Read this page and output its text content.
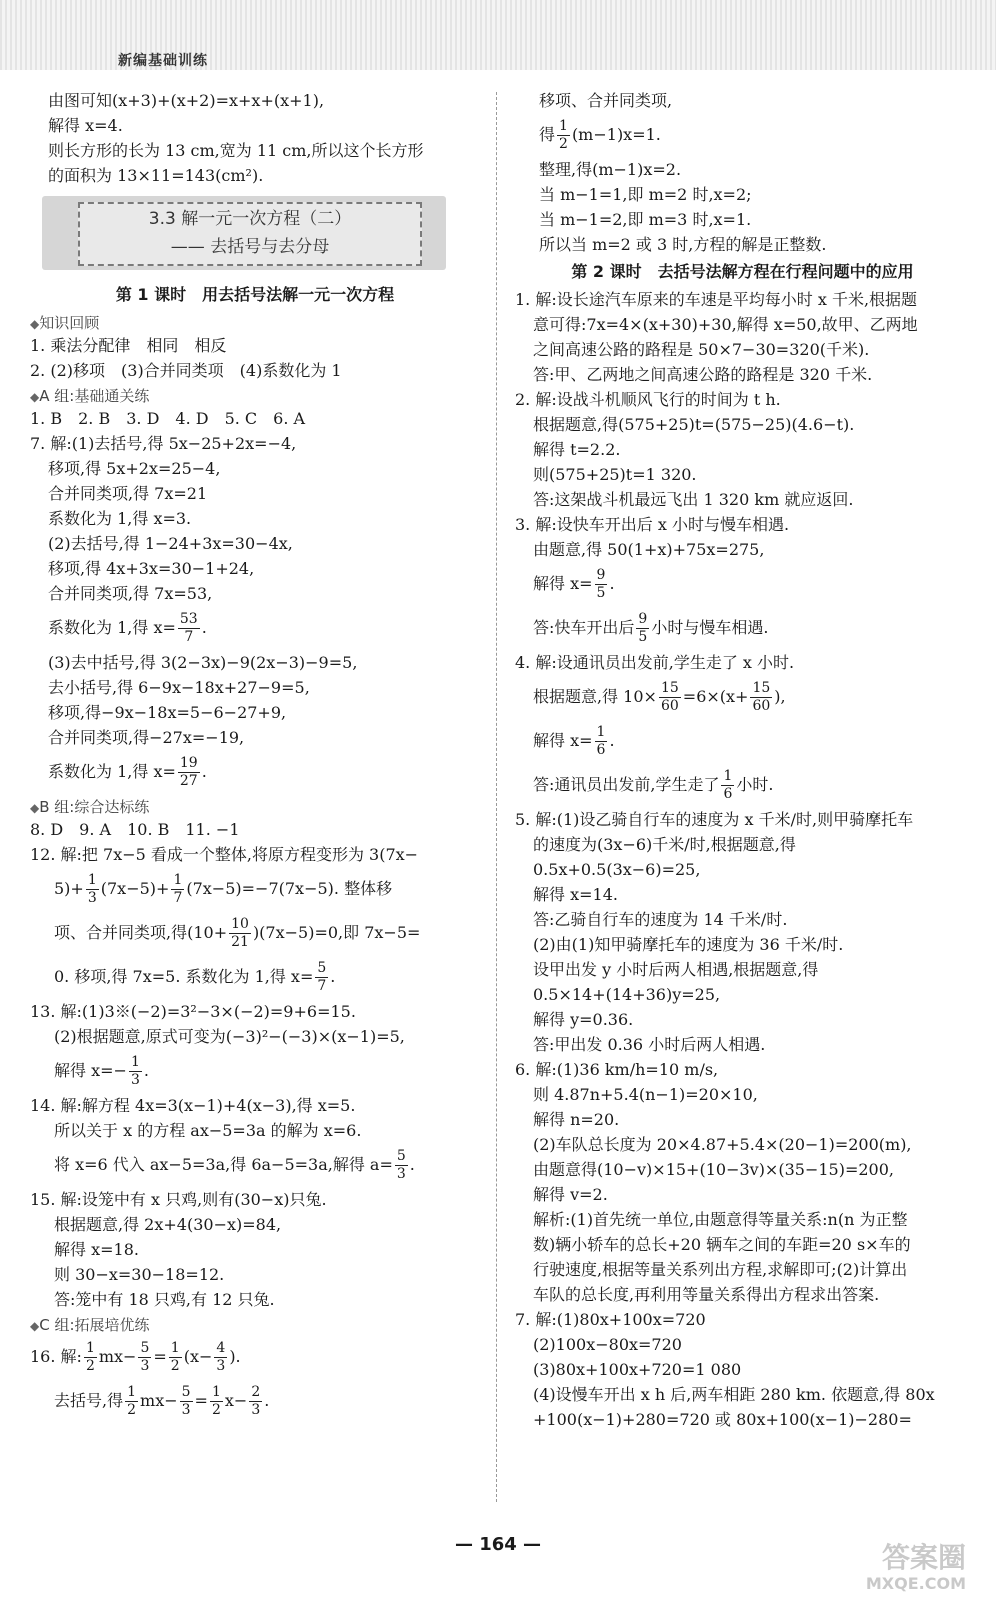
新编基础训练
由图可知(x+3)+(x+2)=x+x+(x+1),
解得 x=4.
则长方形的长为 13 cm,宽为 11 cm,所以这个长方形
的面积为 13×11=143(cm²).
3.3 解一元一次方程（二）
—— 去括号与去分母
第 1 课时　用去括号法解一元一次方程
◆知识回顾
1. 乘法分配律　相同　相反
2. (2)移项　(3)合并同类项　(4)系数化为 1
◆A 组:基础通关练
1. B　2. B　3. D　4. D　5. C　6. A
7. 解:(1)去括号,得 5x−25+2x=−4,
移项,得 5x+2x=25−4,
合并同类项,得 7x=21
系数化为 1,得 x=3.
(2)去括号,得 1−24+3x=30−4x,
移项,得 4x+3x=30−1+24,
合并同类项,得 7x=53,
系数化为 1,得 $x= \frac{53}{7}$ .
(3)去中括号,得 3(2−3x)−9(2x−3)−9=5,
去小括号,得 6−9x−18x+27−9=5,
移项,得−9x−18x=5−6−27+9,
合并同类项,得−27x=−19,
系数化为 1,得 $x= \frac{19}{27}$ .
◆B 组:综合达标练
8. D　9. A　10. B　11. −1
12. 解:把 7x−5 看成一个整体,将原方程变形为 3(7x−
$5)+ \frac{1}{3} (7x-5)+ \frac{1}{7} (7x-5)=-7(7x-5)$. 整体移
项、合并同类项,得$(10+ \frac{10}{21} )(7x-5)=0$,即 7x−5=
0. 移项,得 7x=5. 系数化为 1,得 $x= \frac{5}{7}$ .
13. 解:(1)3※(−2)=3²−3×(−2)=9+6=15.
(2)根据题意,原式可变为(−3)²−(−3)×(x−1)=5,
解得 $x=- \frac{1}{3}$ .
14. 解:解方程 4x=3(x−1)+4(x−3),得 x=5.
所以关于 x 的方程 ax−5=3a 的解为 x=6.
将 x=6 代入 ax−5=3a,得 6a−5=3a,解得 $a= \frac{5}{3}$ .
15. 解:设笼中有 x 只鸡,则有(30−x)只兔.
根据题意,得 2x+4(30−x)=84,
解得 x=18.
则 30−x=30−18=12.
答:笼中有 18 只鸡,有 12 只兔.
◆C 组:拓展培优练
16. 解: $\frac{1}{2} mx- \frac{5}{3} = \frac{1}{2} (x- \frac{4}{3}$ ).
去括号,得 $\frac{1}{2} mx- \frac{5}{3} = \frac{1}{2} x- \frac{2}{3}$ .
移项、合并同类项,
得 $\frac{1}{2} (m-1)x=1$.
整理,得(m−1)x=2.
当 m−1=1,即 m=2 时,x=2;
当 m−1=2,即 m=3 时,x=1.
所以当 m=2 或 3 时,方程的解是正整数.
第 2 课时　去括号法解方程在行程问题中的应用
1. 解:设长途汽车原来的车速是平均每小时 x 千米,根据题
意可得:7x=4×(x+30)+30,解得 x=50,故甲、乙两地
之间高速公路的路程是 50×7−30=320(千米).
答:甲、乙两地之间高速公路的路程是 320 千米.
2. 解:设战斗机顺风飞行的时间为 t h.
根据题意,得(575+25)t=(575−25)(4.6−t).
解得 t=2.2.
则(575+25)t=1 320.
答:这架战斗机最远飞出 1 320 km 就应返回.
3. 解:设快车开出后 x 小时与慢车相遇.
由题意,得 50(1+x)+75x=275,
解得 $x= \frac{9}{5}$ .
答:快车开出后 $\frac{9}{5}$ 小时与慢车相遇.
4. 解:设通讯员出发前,学生走了 x 小时.
根据题意,得 $10\times \frac{15}{60} =6\times(x+ \frac{15}{60}$ ),
解得 $x= \frac{1}{6}$ .
答:通讯员出发前,学生走了 $\frac{1}{6}$ 小时.
5. 解:(1)设乙骑自行车的速度为 x 千米/时,则甲骑摩托车
的速度为(3x−6)千米/时,根据题意,得
0.5x+0.5(3x−6)=25,
解得 x=14.
答:乙骑自行车的速度为 14 千米/时.
(2)由(1)知甲骑摩托车的速度为 36 千米/时.
设甲出发 y 小时后两人相遇,根据题意,得
0.5×14+(14+36)y=25,
解得 y=0.36.
答:甲出发 0.36 小时后两人相遇.
6. 解:(1)36 km/h=10 m/s,
则 4.87n+5.4(n−1)=20×10,
解得 n=20.
(2)车队总长度为 20×4.87+5.4×(20−1)=200(m),
由题意得(10−v)×15+(10−3v)×(35−15)=200,
解得 v=2.
解析:(1)首先统一单位,由题意得等量关系:n(n 为正整
数)辆小轿车的总长+20 辆车之间的车距=20 s×车的
行驶速度,根据等量关系列出方程,求解即可;(2)计算出
车队的总长度,再利用等量关系得出方程求出答案.
7. 解:(1)80x+100x=720
(2)100x−80x=720
(3)80x+100x+720=1 080
(4)设慢车开出 x h 后,两车相距 280 km. 依题意,得 80x
+100(x−1)+280=720 或 80x+100(x−1)−280=
— 164 —	答案圈
MXQE.COM
